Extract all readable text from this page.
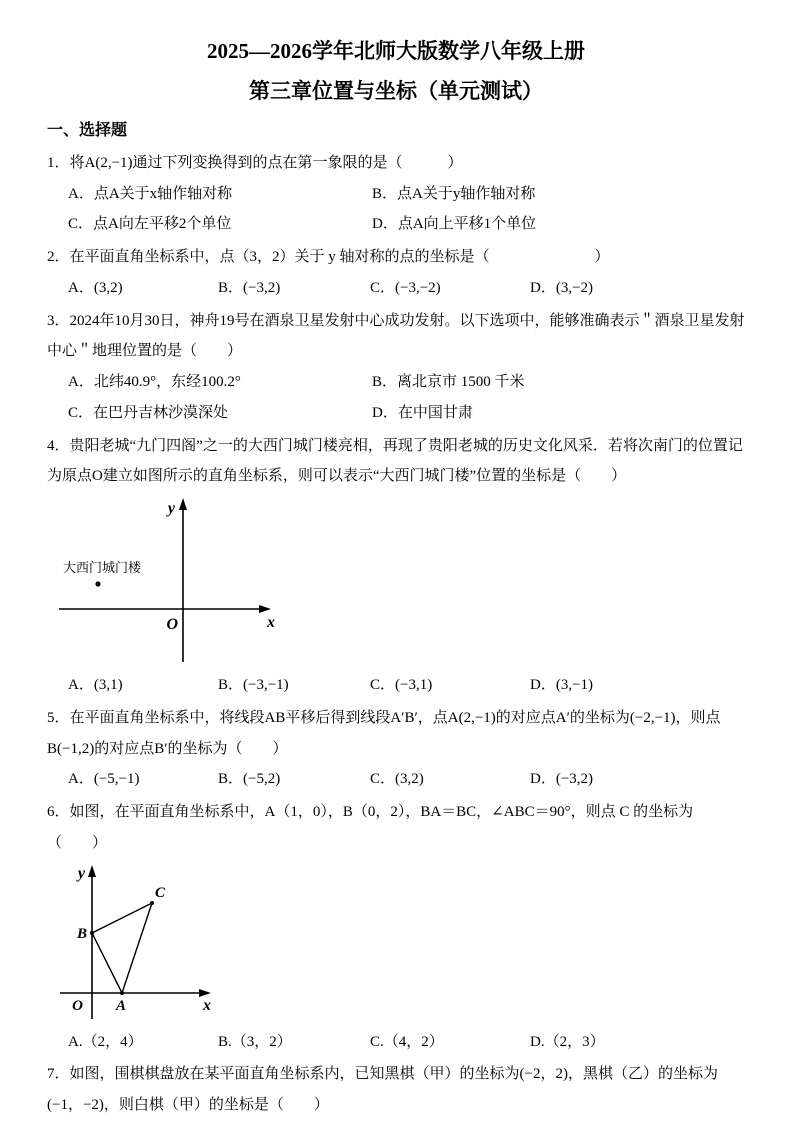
2025—2026学年北师大版数学八年级上册
第三章位置与坐标（单元测试）
一、选择题

1．将A(2,−1)通过下列变换得到的点在第一象限的是（　　　）

A．点A关于x轴作轴对称	B．点A关于y轴作轴对称
C．点A向左平移2个单位	D．点A向上平移1个单位

2．在平面直角坐标系中，点（3，2）关于 y 轴对称的点的坐标是（　　　　　　　）

A．(3,2)	B．(−3,2)	C．(−3,−2)	D．(3,−2)

3．2024年10月30日，神舟19号在酒泉卫星发射中心成功发射。以下选项中，能够准确表示＂酒泉卫星发射中心＂地理位置的是（　　）

A．北纬40.9°，东经100.2°	B．离北京市 1500 千米
C．在巴丹吉林沙漠深处	D．在中国甘肃

4．贵阳老城“九门四阁”之一的大西门城门楼亮相，再现了贵阳老城的历史文化风采．若将次南门的位置记为原点O建立如图所示的直角坐标系，则可以表示“大西门城门楼”位置的坐标是（　　）

y
x
O
大西门城门楼
A．(3,1)	B．(−3,−1)	C．(−3,1)	D．(3,−1)

5．在平面直角坐标系中，将线段AB平移后得到线段A′B′，点A(2,−1)的对应点A′的坐标为(−2,−1)，则点B(−1,2)的对应点B′的坐标为（　　）

A．(−5,−1)	B．(−5,2)	C．(3,2)	D．(−3,2)

6．如图，在平面直角坐标系中，A（1，0），B（0，2），BA＝BC，∠ABC＝90°，则点 C 的坐标为（　　）

B
C
A
O	x
y
A.（2，4）	B.（3，2）	C.（4，2）	D.（2，3）

7．如图，围棋棋盘放在某平面直角坐标系内，已知黑棋（甲）的坐标为(−2，2)，黑棋（乙）的坐标为(−1，−2)，则白棋（甲）的坐标是（　　）
